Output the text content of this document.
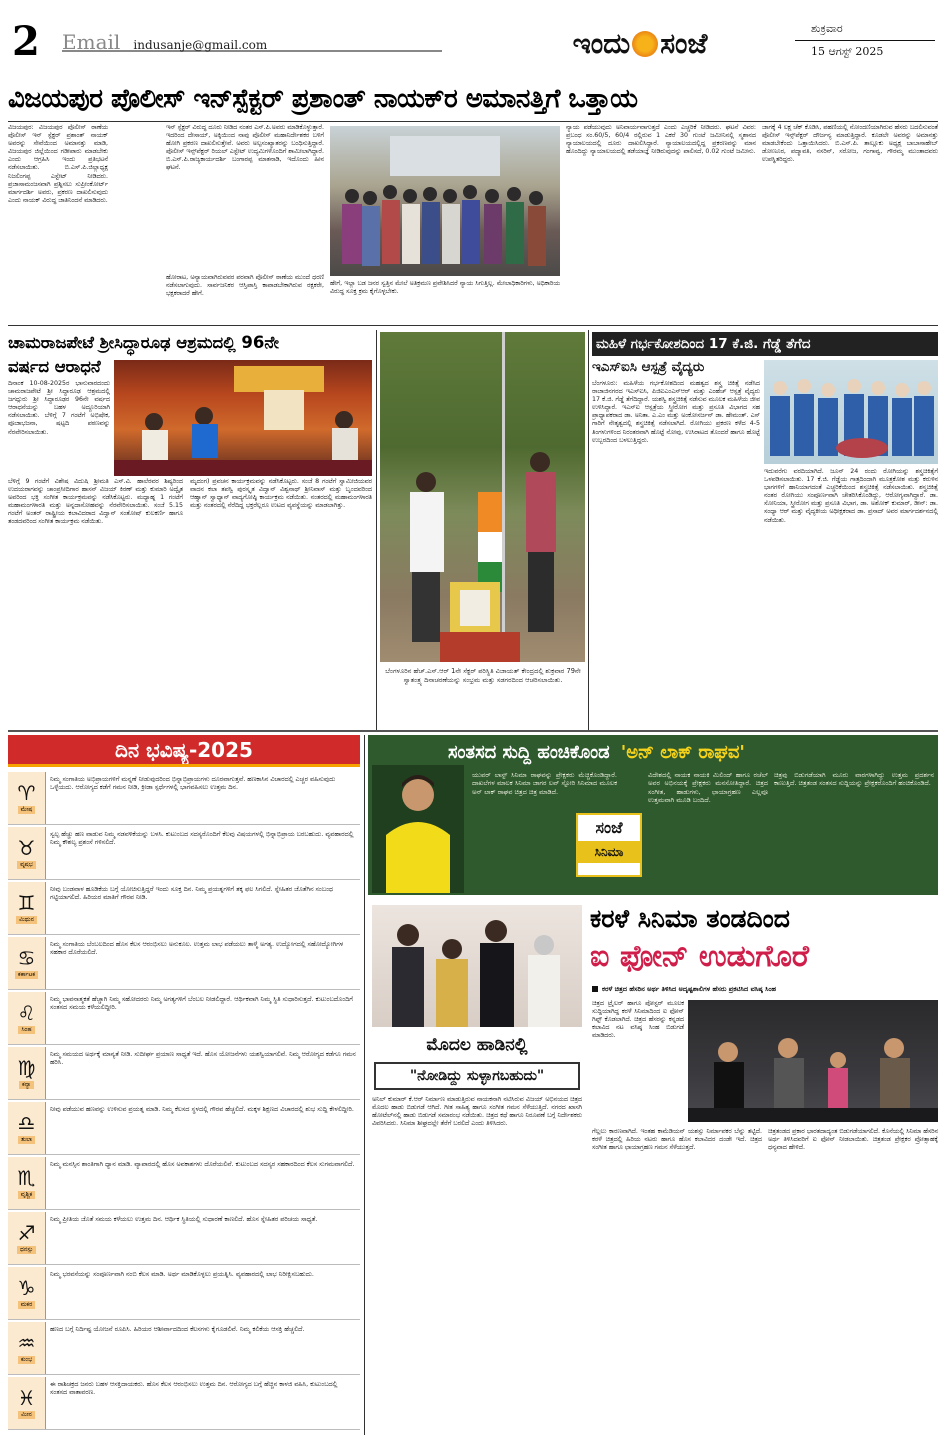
2 Email indusanje@gmail.com	ಇಂದು ಸಂಜೆ	ಶುಕ್ರವಾರ
15 ಆಗಸ್ಟ್ 2025
ವಿಜಯಪುರ ಪೊಲೀಸ್ ಇನ್‌ಸ್ಪೆಕ್ಟರ್ ಪ್ರಶಾಂತ್ ನಾಯಕ್‌ರ ಅಮಾನತ್ತಿಗೆ ಒತ್ತಾಯ
ವಿಜಯಪುರ: ವಿಜಯಪುರ ಪೊಲೀಸ್ ಠಾಣೆಯ ಪೊಲೀಸ್ ಇನ್ ಸ್ಪೆಕ್ಟರ್ ಪ್ರಶಾಂತ್ ನಾಯಕ್ ಅವರನ್ನು ಸೇವೆಯಿಂದ ಅಮಾನತ್ತು ಮಾಡಿ, ವಿಜಯಪುರ ಜಿಲ್ಲೆಯಿಂದ ಗಡೀಪಾರು ಮಾಡಬೇಕು ಎಂದು ಆಗ್ರಹಿಸಿ ಇಂದು ಪ್ರತಿಭಟನೆ ನಡೆಸಲಾಯಿತು. ಬಿ.ಎಸ್.ಪಿ.ಜಿಲ್ಲಾಧ್ಯಕ್ಷ ನಿಜಲಿಂಗಪ್ಪ ಎಸ್ಟೇಟ್ ನೀಡಿದರು. ಪ್ರಜಾಸಾಮಂಜಸವಾಗಿ ಪ್ರಶ್ನಿಸಲು ಸುಪ್ರೀಂಕೋರ್ಟ್ ಮಾರ್ಗದರ್ಶಿ ಅವರು, ಪ್ರಕರಣ ದಾಖಲಿಸುವುದು ಎಂದು ನಾಯಕ್ ವಿರುದ್ಧ ಜಾತಿನಿಂದನೆ ಮಾಡಿದರು.
ಇನ್ ಸ್ಪೆಕ್ಟರ್ ವಿರುದ್ಧ ದೂರು ನೀಡಿದ ನಂತರ ಎಸ್.ಪಿ.ಅವರು ಮಾಡಿಕೊಳ್ಳುತ್ತಾರೆ. ಇದರಿಂದ ದೇಸಾಯ್, ಅಕ್ಕಿಯಿಂದ ನಾವು ಪೊಲೀಸ್ ಮಹಾನಿರ್ದೇಶಕರ ಬಳಿಗೆ ಹೋಗಿ ಪ್ರಕರಣ ದಾಖಲಿಸುತ್ತೇವೆ. ಅವರು ಅಲ್ಪಸಂಖ್ಯಾತರನ್ನು ಬಂಧಿಸುತ್ತಿದ್ದಾರೆ. ಪೊಲೀಸ್ ಇನ್ಸ್‌ಪೆಕ್ಟರ್ ರಿಯಲ್ ಎಸ್ಟೇಟ್ ಉದ್ಯಮಿಗಳೊಂದಿಗೆ ಶಾಮೀಲಾಗಿದ್ದಾರೆ. ಬಿ.ಎಸ್.ಪಿ.ರಾಜ್ಯಕಾರ್ಯದರ್ಶಿ ಬಂಗಾರಪ್ಪ ಮಾತನಾಡಿ, ಇದೊಂದು ಹೀನ ಘಟನೆ.
ಹೋರಾಟ, ಅನ್ಯಾಯವಾಗಿರುವವರ ಪರವಾಗಿ ಪೊಲೀಸ್ ಠಾಣೆಯ ಮುಂದೆ ಧರಣಿ ನಡೆಸಲಾಗುವುದು. ಸಾರ್ವಜನಿಕರ ಆಸ್ತಿಪಾಸ್ತಿ ಕಾಪಾಡಬೇಕಾಗಿರುವ ರಕ್ಷಕರೇ, ಭಕ್ಷಕರಾದರೆ ಹೇಗೆ.
ಹೇಗೆ, ಇಲ್ಲಾ ಬಡ ಜನರ ಸ್ವತ್ತಿನ ಮೇಲೆ ಅತಿಕ್ರಮಣ ಪ್ರವೇಶಿಸಿದರೆ ನ್ಯಾಯ ಸಿಗುತ್ತಿಲ್ಲ. ಮೇಲಾಧಿಕಾರಿಗಳು, ಅಧಿಕಾರಿಯ ವಿರುದ್ಧ ಸೂಕ್ತ ಕ್ರಮ ಕೈಗೊಳ್ಳಬೇಕು.
ನ್ಯಾಯ ಪಡೆಯುವುದು ಅನಿವಾರ್ಯವಾಗುತ್ತದೆ ಎಂದು ಎಚ್ಚರಿಕೆ ನೀಡಿದರು. ಘಟನೆ ವಿವರ: ಪ್ರಬಂಧ ಸಂ.60/5, 60/4 ರಲ್ಲಿರುವ 1 ಎಕರೆ 30 ಗುಂಟೆ ಜಮೀನಿನಲ್ಲಿ ಸ್ಮಶಾನದ ನ್ಯಾಯಾಲಯದಲ್ಲಿ ದೂರು ದಾಖಲಿಸಿದ್ದಾರೆ. ನ್ಯಾಯಾಲಯದಲ್ಲಿದ್ದ ಪ್ರಕರಣವನ್ನು ಮಾನ ಹೊಂದಿದ್ದು ನ್ಯಾಯಾಲಯದಲ್ಲಿ ತಡೆಯಾಜ್ಞೆ ನೀಡಿರುವುದನ್ನು ಪಾಲಿಸದೆ, 0.02 ಗುಂಟೆ ಜಮೀನು.
ಜಾಗಕ್ಕೆ 4 ಲಕ್ಷ ಚೆಕ್ ಕೊಡಿಸಿ, ಪಹಣಿಯಲ್ಲಿ ನೋಂದಣಿಯಾಗಿರುವ ಹೆಸರು ಬದಲಿಸುವಂತೆ ಪೊಲೀಸ್ ಇನ್ಸ್‌ಪೆಕ್ಟರ್ ದೌರ್ಜನ್ಯ ಮಾಡುತ್ತಿದ್ದಾರೆ. ಕೂಡಲೇ ಅವರನ್ನು ಅಮಾನತ್ತು ಮಾಡಬೇಕೆಂದು ಒತ್ತಾಯಿಸಿದರು. ಬಿ.ಎಸ್.ಪಿ. ತಾಲ್ಲೂಕು ಅಧ್ಯಕ್ಷ ಬಾಬಾಸಾಹೇಬ್ ಡೋಣೂರ, ಪದ್ಮಾವತಿ, ನಸರಿನ್, ಸರೋಜ, ಗಂಗಾವ್ವ, ಗೌರಮ್ಮ ಮುಂತಾದವರು ಉಪಸ್ಥಿತರಿದ್ದರು.
ಚಾಮರಾಜಪೇಟೆ ಶ್ರೀಸಿದ್ಧಾರೂಢ ಆಶ್ರಮದಲ್ಲಿ 96ನೇ
ವರ್ಷದ ಆರಾಧನೆ
ದಿನಾಂಕ 10-08-2025ರ ಭಾನುವಾರದಂದು ಚಾಮರಾಜಪೇಟೆ ಶ್ರೀ ಸಿದ್ಧಾರೂಢ ಆಶ್ರಮದಲ್ಲಿ ಜಗದ್ಗುರು ಶ್ರೀ ಸಿದ್ಧಾರೂಢರ 96ನೇ ವರ್ಷದ ಆರಾಧನೆಯನ್ನು ಬಹಳ ಅದ್ದೂರಿಯಾಗಿ ನಡೆಸಲಾಯಿತು. ಬೆಳಿಗ್ಗೆ 7 ಗಂಟೆಗೆ ಅಭಿಷೇಕ, ಪೂಜಾಭಜನಾ, ಷಟ್ಪದಿ ಪಠಣವನ್ನು ನೆರವೇರಿಸಲಾಯಿತು.
ಬೆಳಿಗ್ಗೆ 9 ಗಂಟೆಗೆ ವಿಶೇಷ ವಿದುಷಿ ಶ್ರೀಮತಿ ಎಸ್.ವಿ. ಹಾಲೆರವರ ಶಿಷ್ಯರಿಂದ ಉದಯರಾಗವನ್ನು ಚಾಂಪ್ರಸೀದಿಗಾರ ಹಾಸನ್ ವಿಜಯ್ ಕಿರಣ್ ಮತ್ತು ಕುಮಾರಿ ಅದ್ವೈತ ಅವರಿಂದ ಭಕ್ತಿ ಸಂಗೀತ ಕಾರ್ಯಕ್ರಮವನ್ನು ನಡೆಸಿಕೊಟ್ಟರು. ಮಧ್ಯಾಹ್ನ 1 ಗಂಟೆಗೆ ಮಹಾಮಂಗಳಾರತಿ ಮತ್ತು ಅನ್ನದಾಸೋಹವನ್ನು ನೆರವೇರಿಸಲಾಯಿತು. ಸಂಜೆ 5.15 ಗಂಟೆಗೆ ಅಂತರ್ ರಾಷ್ಟ್ರೀಯ ಕಲಾವಿದರಾದ ವಿದ್ವಾನ್ ಸಂತೋಷ್ ಕುಲಕರ್ಣಿ ಹಾಗೂ ತಂಡದವರಿಂದ ಸಂಗೀತ ಕಾರ್ಯಕ್ರಮ ನಡೆಯಿತು.
ಮೃದಂಗ) ಪ್ರವಚನ ಕಾರ್ಯಕ್ರಮವನ್ನು ನಡೆಸಿಕೊಟ್ಟರು. ಸಂಜೆ 8 ಗಂಟೆಗೆ ಸ್ವಾಮೀಜಿಯವರ ವಾದನ ಕಲಾ ತಪಸ್ವಿ ಪುರಸ್ಕೃತ ವಿದ್ವಾನ್ ವಿಶ್ವನಾಥ್ ಶ್ರೀನಿವಾಸ್ ಮತ್ತು ಬೃಂದವರಿಂದ ಆಹ್ವಾನ್ ಸ್ವಾಧ್ಯಾನ್ ವಾದ್ಯಗೋಷ್ಠಿ ಕಾರ್ಯಕ್ರಮ ನಡೆಯಿತು. ನಂತರದಲ್ಲಿ ಮಹಾಮಂಗಳಾರತಿ ಮತ್ತು ನಂತರದಲ್ಲಿ ನೆರೆದಿದ್ದ ಭಕ್ತರೆಲ್ಲರೂ ಉಟದ ವ್ಯವಸ್ಥೆಯನ್ನು ಮಾಡಲಾಗಿತ್ತು.
ಬೆಂಗಳೂರಿನ ಹೆಚ್.ಎಸ್.ಆರ್ 1ನೇ ಸೆಕ್ಟರ್ ಪರಿಸ್ಥಿತಿ ವಿಜಾಯತ್ ಕೇಂದ್ರದಲ್ಲಿ ಶುಕ್ರವಾರ 79ನೇ ಸ್ವಾತಂತ್ರ್ಯ ದಿನಾಚರಣೆಯನ್ನು ಸಂಭ್ರಮ ಮತ್ತು ಸಡಗರದಿಂದ ಆಚರಿಸಲಾಯಿತು.
ಮಹಿಳೆ ಗರ್ಭಕೋಶದಿಂದ 17 ಕೆ.ಜಿ. ಗೆಡ್ಡೆ ತೆಗೆದ
ಇಎಸ್‌ಐಸಿ ಆಸ್ಪತ್ರೆ ವೈದ್ಯರು
ಬೆಂಗಳೂರು: ಮಹಿಳೆಯ ಗರ್ಭಕೋಶದಿಂದ ಮಹತ್ವದ ಶಸ್ತ್ರ ಚಿಕಿತ್ಸೆ ನಡೆಸಿದ ರಾಜಾಜಿನಗರದ ಇಎಸ್‌ಐಸಿ, ಪಿಜಿಐಎಂಎಸ್‌ಆರ್ ಮತ್ತು ಎಂಹೆಚ್ ಆಸ್ಪತ್ರೆ ವೈದ್ಯರು 17 ಕೆ.ಜಿ. ಗೆಡ್ಡೆ ತೆಗೆದಿದ್ದಾರೆ. ಯಶಸ್ವಿ ಶಸ್ತ್ರಚಿಕಿತ್ಸೆ ನಡೆಸುವ ಮೂಲಕ ಮಹಿಳೆಯ ಜೀವ ಉಳಿಸಿದ್ದಾರೆ. ಇಎಸ್‌ಐ ಆಸ್ಪತ್ರೆಯ ಸ್ತ್ರೀರೋಗ ಮತ್ತು ಪ್ರಸೂತಿ ವಿಭಾಗದ ಸಹ ಪ್ರಾಧ್ಯಾಪಕರಾದ ಡಾ. ಅನಿತಾ. ಎ.ಎಂ ಮತ್ತು ಅಂಕೋಸರ್ಜನ್ ಡಾ. ಹೇಮಂತ್. ಎಸ್ ಗಾರಿಗೆ ನೇತೃತ್ವದಲ್ಲಿ ಶಸ್ತ್ರಚಿಕಿತ್ಸೆ ನಡೆಸಲಾಗಿದೆ. ರೋಗಿಯು ಪ್ರಕರಣ ಕಳೆದ 4-5 ತಿಂಗಳುಗಳಿಂದ ನಿರಂತರವಾಗಿ ಹೊಟ್ಟೆ ನೋವು, ಉಸಿರಾಟದ ತೊಂದರೆ ಹಾಗೂ ಹೊಟ್ಟೆ ಉಬ್ಬರದಿಂದ ಬಳಲುತ್ತಿದ್ದರು.
ಇದುವರೆಗು ವರದಿಯಾಗಿದೆ. ಜೂನ್ 24 ರಂದು ರೋಗಿಯನ್ನು ಶಸ್ತ್ರಚಿಕಿತ್ಸೆಗೆ ಒಳಪಡಿಸಲಾಯಿತು. 17 ಕೆ.ಜಿ. ಗೆಡ್ಡೆಯ ಗಾತ್ರದಿಂದಾಗಿ ಮೂತ್ರಕೋಶ ಮತ್ತು ಕರುಳಿನ ಭಾಗಗಳಿಗೆ ಹಾನಿಯಾಗದಂತೆ ಎಚ್ಚರಿಕೆಯಿಂದ ಶಸ್ತ್ರಚಿಕಿತ್ಸೆ ನಡೆಸಲಾಯಿತು. ಶಸ್ತ್ರಚಿಕಿತ್ಸೆ ನಂತರ ರೋಗಿಯು ಸಂಪೂರ್ಣವಾಗಿ ಚೇತರಿಸಿಕೊಂಡಿದ್ದು, ಆರೋಗ್ಯವಾಗಿದ್ದಾರೆ. ಡಾ. ಸೋನಿಯಾ, ಸ್ತ್ರೀರೋಗ ಮತ್ತು ಪ್ರಸೂತಿ ವಿಭಾಗ, ಡಾ. ಅಶೋಕ್ ಕುಮಾರ್, ಡೀನ್: ಡಾ. ಸಂಧ್ಯಾ ಆರ್ ಮತ್ತು ವೈದ್ಯಕೀಯ ಅಧೀಕ್ಷಕರಾದ ಡಾ. ಪ್ರಸಾದ್ ಅವರ ಮಾರ್ಗದರ್ಶನದಲ್ಲಿ ನಡೆಯಿತು.
ದಿನ ಭವಿಷ್ಯ-2025
♈
ಮೇಷ
ನಿಮ್ಮ ಸಂಗಾತಿಯ ಅಭಿಪ್ರಾಯಗಳಿಗೆ ಮನ್ನಣೆ ನೀಡುವುದರಿಂದ ಭಿನ್ನಾಭಿಪ್ರಾಯಗಳು ದೂರವಾಗುತ್ತವೆ. ಹಣಕಾಸಿನ ವಿಚಾರದಲ್ಲಿ ಎಚ್ಚರ ವಹಿಸುವುದು ಒಳ್ಳೆಯದು. ಆರೋಗ್ಯದ ಕಡೆಗೆ ಗಮನ ನೀಡಿ, ಕ್ರೀಡಾ ಸ್ಪರ್ಧೆಗಳಲ್ಲಿ ಭಾಗವಹಿಸಲು ಉತ್ತಮ ದಿನ.
♉
ವೃಷಭ
ಸ್ವಲ್ಪ ಹೆಚ್ಚು ಹಣ ವಾಡುವ ನಿಮ್ಮ ನಡವಳಿಕೆಯನ್ನು ಬಳಸಿ. ಕುಟುಂಬದ ಸದಸ್ಯರೊಂದಿಗೆ ಕೆಲವು ವಿಷಯಗಳಲ್ಲಿ ಭಿನ್ನಾಭಿಪ್ರಾಯ ಬರಬಹುದು. ವ್ಯವಹಾರದಲ್ಲಿ ನಿಮ್ಮ ಕೌಶಲ್ಯ ಪ್ರಶಂಸೆ ಗಳಿಸಲಿದೆ.
♊
ಮಿಥುನ
ನೀವು ಬಂಡವಾಳ ಹೂಡಿಕೆಯ ಬಗ್ಗೆ ಯೋಚಿಸುತ್ತಿದ್ದರೆ ಇಂದು ಸೂಕ್ತ ದಿನ. ನಿಮ್ಮ ಪ್ರಯತ್ನಗಳಿಗೆ ತಕ್ಕ ಫಲ ಸಿಗಲಿದೆ. ಸ್ನೇಹಿತರ ಜೊತೆಗಿನ ಸಂಬಂಧ ಗಟ್ಟಿಯಾಗಲಿದೆ. ಹಿರಿಯರ ಮಾತಿಗೆ ಗೌರವ ನೀಡಿ.
♋
ಕರ್ಕಾಟಕ
ನಿಮ್ಮ ಸಂಗಾತಿಯ ಬೆಂಬಲದಿಂದ ಹೊಸ ಕೆಲಸ ಆರಂಭಿಸಲು ಅನುಕೂಲ. ಉತ್ತಮ ಲಾಭ ಪಡೆಯಲು ತಾಳ್ಮೆ ಅಗತ್ಯ. ಉದ್ಯೋಗದಲ್ಲಿ ಸಹೋದ್ಯೋಗಿಗಳ ಸಹಕಾರ ದೊರೆಯಲಿದೆ.
♌
ಸಿಂಹ
ನಿಮ್ಮ ಭಾವನಾತ್ಮಕತೆ ಹೆಚ್ಚಾಗಿ ನಿಮ್ಮ ಸಹೋದರರು ನಿಮ್ಮ ಅಗತ್ಯಗಳಿಗೆ ಬೆಂಬಲ ನೀಡಲಿದ್ದಾರೆ. ಆರ್ಥಿಕವಾಗಿ ನಿಮ್ಮ ಸ್ಥಿತಿ ಸುಧಾರಿಸುತ್ತದೆ. ಕುಟುಂಬದೊಂದಿಗೆ ಸಂತಸದ ಸಮಯ ಕಳೆಯಲಿದ್ದೀರಿ.
♍
ಕನ್ಯಾ
ನಿಮ್ಮ ಸಮಯದ ಅರ್ಥಕ್ಕೆ ಮಾನ್ಯತೆ ನೀಡಿ. ಸುದೀರ್ಘ ಪ್ರಯಾಣ ಸಾಧ್ಯತೆ ಇದೆ. ಹೊಸ ಯೋಜನೆಗಳು ಯಶಸ್ವಿಯಾಗಲಿವೆ. ನಿಮ್ಮ ಆರೋಗ್ಯದ ಕಡೆಗೂ ಗಮನ ಹರಿಸಿ.
♎
ತುಲಾ
ನೀವು ಪಡೆಯುವ ಹಣವನ್ನು ಉಳಿಸುವ ಪ್ರಯತ್ನ ಮಾಡಿ. ನಿಮ್ಮ ಕೆಲಸದ ಸ್ಥಳದಲ್ಲಿ ಗೌರವ ಹೆಚ್ಚಲಿದೆ. ಮಕ್ಕಳ ಶಿಕ್ಷಣದ ವಿಚಾರದಲ್ಲಿ ಶುಭ ಸುದ್ದಿ ಕೇಳಲಿದ್ದೀರಿ.
♏
ವೃಶ್ಚಿಕ
ನಿಮ್ಮ ಮನಸ್ಸಿನ ಶಾಂತಿಗಾಗಿ ಧ್ಯಾನ ಮಾಡಿ. ವ್ಯಾಪಾರದಲ್ಲಿ ಹೊಸ ಅವಕಾಶಗಳು ದೊರೆಯಲಿವೆ. ಕುಟುಂಬದ ಸದಸ್ಯರ ಸಹಕಾರದಿಂದ ಕೆಲಸ ಸುಗಮವಾಗಲಿದೆ.
♐
ಧನಸ್ಸು
ನಿಮ್ಮ ಪ್ರೀತಿಯ ಜೊತೆ ಸಮಯ ಕಳೆಯಲು ಉತ್ತಮ ದಿನ. ಆರ್ಥಿಕ ಸ್ಥಿತಿಯಲ್ಲಿ ಸುಧಾರಣೆ ಕಾಣಲಿದೆ. ಹೊಸ ಸ್ನೇಹಿತರ ಪರಿಚಯ ಸಾಧ್ಯತೆ.
♑
ಮಕರ
ನಿಮ್ಮ ಭರವಸೆಯನ್ನು ಸಂಪೂರ್ಣವಾಗಿ ನಂಬಿ ಕೆಲಸ ಮಾಡಿ. ಅರ್ಥ ಮಾಡಿಕೊಳ್ಳಲು ಪ್ರಯತ್ನಿಸಿ. ವ್ಯವಹಾರದಲ್ಲಿ ಲಾಭ ನಿರೀಕ್ಷಿಸಬಹುದು.
♒
ಕುಂಭ
ಹಣದ ಬಗ್ಗೆ ನಿರ್ದಿಷ್ಟ ಯೋಜನೆ ರೂಪಿಸಿ. ಹಿರಿಯರ ಆಶೀರ್ವಾದದಿಂದ ಕೆಲಸಗಳು ಕೈಗೂಡಲಿವೆ. ನಿಮ್ಮ ಕಲಿಕೆಯ ಆಸಕ್ತಿ ಹೆಚ್ಚಲಿದೆ.
♓
ಮೀನ
ಈ ರಾಶಿಚಕ್ರದ ಜನರು ಬಹಳ ಆಸಕ್ತಿದಾಯಕರು. ಹೊಸ ಕೆಲಸ ಆರಂಭಿಸಲು ಉತ್ತಮ ದಿನ. ಆರೋಗ್ಯದ ಬಗ್ಗೆ ಹೆಚ್ಚಿನ ಕಾಳಜಿ ವಹಿಸಿ, ಕುಟುಂಬದಲ್ಲಿ ಸಂತಸದ ವಾತಾವರಣ.
ಸಂತಸದ ಸುದ್ದಿ ಹಂಚಿಕೊಂಡ 'ಅನ್ ಲಾಕ್ ರಾಘವ'
ಯುವರ್ ಲಾಸ್ಟ್ ಸಿನಿಮಾ ರಾಘವನ್ನು ಪ್ರೇಕ್ಷಕರು ಮೆಚ್ಚಿಕೊಂಡಿದ್ದಾರೆ. ದಾಖಲೆಗಳ ಮಾಲಕ ಸಿನಿಮಾ ಜಾಗರ ಲವ್ ಸ್ಟೋರಿ ಸಿನಿಮಾದ ಮೂಲಕ ಅನ್ ಲಾಕ್ ರಾಘವ ಚಿತ್ರದ ಚಿತ್ರ ಮಾಡಿದೆ.
ಸಂಜೆ
ಸಿನಿಮಾ
ವಿದೇಶದಲ್ಲಿ ನಾಯಕ ನಾಯಕಿ ಮಿಲಿಂದ್ ಹಾಗೂ ರಚೆಲ್ ಅವರ ಅಭಿನಯಕ್ಕೆ ಪ್ರೇಕ್ಷಕರು ಮನಸೋತಿದ್ದಾರೆ. ಚಿತ್ರದ ಸಂಗೀತ, ಹಾಡುಗಳು, ಛಾಯಾಗ್ರಹಣ ಎಲ್ಲವೂ ಉತ್ತಮವಾಗಿ ಮೂಡಿ ಬಂದಿದೆ.
ಚಿತ್ರವು ಬಿಡುಗಡೆಯಾಗಿ ಮೂರು ವಾರಗಳಾಗಿದ್ದು ಉತ್ತಮ ಪ್ರದರ್ಶನ ಕಾಣುತ್ತಿದೆ. ಚಿತ್ರತಂಡ ಸಂತಸದ ಸುದ್ದಿಯನ್ನು ಪ್ರೇಕ್ಷಕರೊಂದಿಗೆ ಹಂಚಿಕೊಂಡಿದೆ.
ಕರಳೆ ಸಿನಿಮಾ ತಂಡದಿಂದ
ಐ ಫೋನ್ ಉಡುಗೊರೆ
ಕರಳೆ ಚಿತ್ರದ ಹೆಸರಿನ ಅರ್ಥ ತಿಳಿಸಿದ ಅದೃಷ್ಟಶಾಲಿಗಳ ಹೆಸರು ಪ್ರಕಟಿಸಿದ ವಸಿಷ್ಠ ಸಿಂಹ
ಮೊದಲ ಹಾಡಿನಲ್ಲಿ
"ನೋಡಿದ್ದು ಸುಳ್ಳಾಗಬಹುದು"
ಚಿತ್ರದ ಟ್ರೈಲರ್ ಹಾಗೂ ಪೋಸ್ಟರ್ ಮೂಲಕ ಸುದ್ದಿಯಾಗಿದ್ದ ಕರಳೆ ಸಿನಿಮಾದಿಂದ ಐ ಫೋನ್ ಗಿಫ್ಟ್ ಕೊಡಲಾಗಿದೆ. ಚಿತ್ರದ ಹೆಸರನ್ನು ಕನ್ನಡದ ಕಲಾವಿದ ನಟ ವಸಿಷ್ಠ ಸಿಂಹ ಬಿಡುಗಡೆ ಮಾಡಿದರು.
ಅನಿಲ್ ಕುಮಾರ್ ಕೆ.ಆರ್ ನಿರ್ಮಾಣ ಮಾಡುತ್ತಿರುವ ನಾಯಕನಾಗಿ ನಟಿಸಿರುವ ವಿಜಯ್ ಅಭಿನಯದ ಚಿತ್ರದ ಮೊದಲ ಹಾಡು ಬಿಡುಗಡೆ ಆಗಿದೆ. ಗೀತ ಸಾಹಿತ್ಯ ಹಾಗೂ ಸಂಗೀತ ಗಮನ ಸೆಳೆಯುತ್ತಿದೆ. ನಗರದ ಖಾಸಗಿ ಹೋಟೆಲ್‌ನಲ್ಲಿ ಹಾಡು ಬಿಡುಗಡೆ ಸಮಾರಂಭ ನಡೆಯಿತು. ಚಿತ್ರದ ಕಥೆ ಹಾಗೂ ನಿರೂಪಣೆ ಬಗ್ಗೆ ನಿರ್ದೇಶಕರು ವಿವರಿಸಿದರು. ಸಿನಿಮಾ ಶೀಘ್ರದಲ್ಲೇ ತೆರೆಗೆ ಬರಲಿದೆ ಎಂದು ತಿಳಿಸಿದರು.
ಗೆಲ್ಲಲು ಕಾರಣವಾಗಿದೆ. ಇಂತಹ ಕಾಮೆಡಿಯನ್ ಯಶಸ್ಸು ನಿರ್ಮಾಪಕರ ಬೆನ್ನು ತಟ್ಟಿದೆ. ಕರಳೆ ಚಿತ್ರದಲ್ಲಿ ಹಿರಿಯ ನಟರು ಹಾಗೂ ಹೊಸ ಕಲಾವಿದರ ದಂಡೇ ಇದೆ. ಚಿತ್ರದ ಸಂಗೀತ ಹಾಗೂ ಛಾಯಾಗ್ರಹಣ ಗಮನ ಸೆಳೆಯುತ್ತದೆ.
ಚಿತ್ರತಂಡದ ಪ್ರಕಾರ ಭಾರತದಾದ್ಯಂತ ಬಿಡುಗಡೆಯಾಗಲಿದೆ. ಕೊನೆಯಲ್ಲಿ ಸಿನಿಮಾ ಹೆಸರಿನ ಅರ್ಥ ತಿಳಿಸಿದವರಿಗೆ ಐ ಫೋನ್ ನೀಡಲಾಯಿತು. ಚಿತ್ರತಂಡ ಪ್ರೇಕ್ಷಕರ ಪ್ರೋತ್ಸಾಹಕ್ಕೆ ಧನ್ಯವಾದ ಹೇಳಿದೆ.
